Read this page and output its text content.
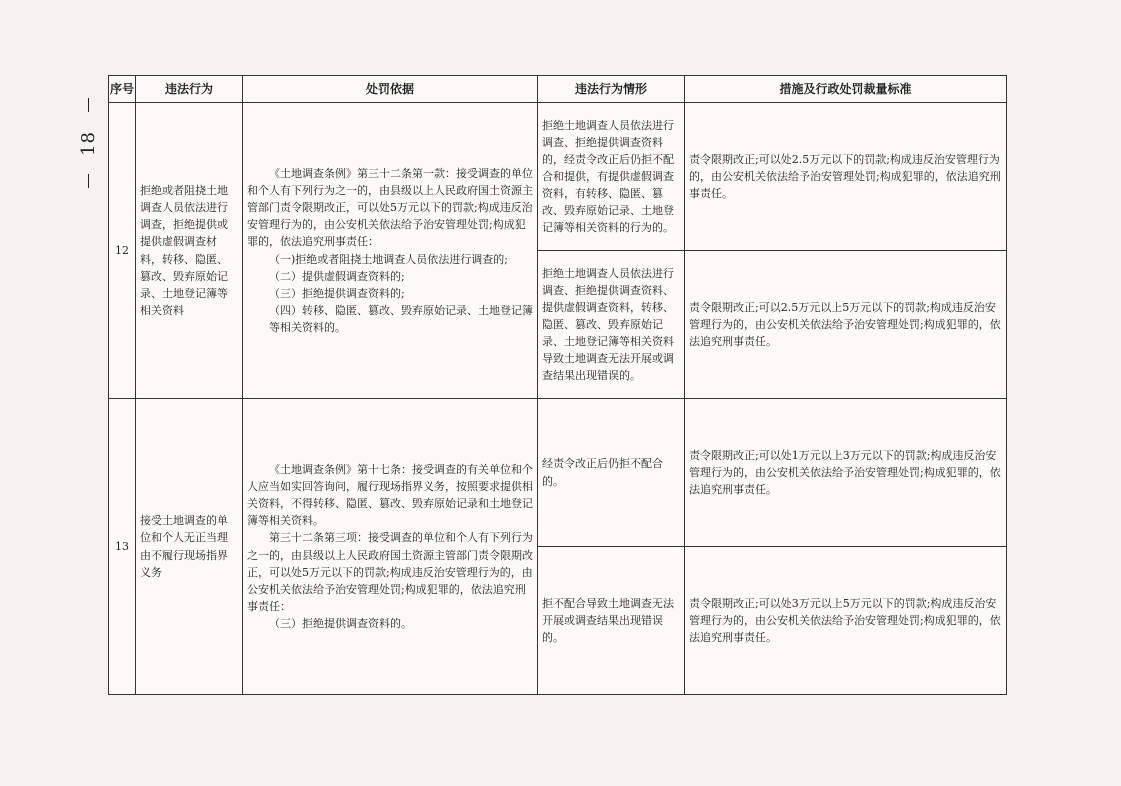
18
序号	违法行为	处罚依据	违法行为情形	措施及行政处罚裁量标准
12	拒绝或者阻挠土地调查人员依法进行调查，拒绝提供或提供虚假调查材料，转移、隐匿、篡改、毁弃原始记录、土地登记簿等相关资料	《土地调查条例》第三十二条第一款：接受调查的单位和个人有下列行为之一的，由县级以上人民政府国土资源主管部门责令限期改正，可以处5万元以下的罚款;构成违反治安管理行为的，由公安机关依法给予治安管理处罚;构成犯罪的，依法追究刑事责任：

（一)拒绝或者阻挠土地调查人员依法进行调查的;

（二）提供虚假调查资料的;

（三）拒绝提供调查资料的;

（四）转移、隐匿、篡改、毁弃原始记录、土地登记簿等相关资料的。	拒绝土地调查人员依法进行调查、拒绝提供调查资料的，经责令改正后仍拒不配合和提供，有提供虚假调查资料，有转移、隐匿、篡改、毁弃原始记录、土地登记簿等相关资料的行为的。	责令限期改正;可以处2.5万元以下的罚款;构成违反治安管理行为的，由公安机关依法给予治安管理处罚;构成犯罪的，依法追究刑事责任。
			拒绝土地调查人员依法进行调查、拒绝提供调查资料、提供虚假调查资料，转移、隐匿、篡改、毁弃原始记录、土地登记簿等相关资料导致土地调查无法开展或调查结果出现错误的。	责令限期改正;可以2.5万元以上5万元以下的罚款;构成违反治安管理行为的，由公安机关依法给予治安管理处罚;构成犯罪的，依法追究刑事责任。
13	接受土地调查的单位和个人无正当理由不履行现场指界义务	《土地调查条例》第十七条：接受调查的有关单位和个人应当如实回答询问，履行现场指界义务，按照要求提供相关资料，不得转移、隐匿、篡改、毁弃原始记录和土地登记簿等相关资料。

第三十二条第三项：接受调查的单位和个人有下列行为之一的，由县级以上人民政府国土资源主管部门责令限期改正，可以处5万元以下的罚款;构成违反治安管理行为的，由公安机关依法给予治安管理处罚;构成犯罪的，依法追究刑事责任：

（三）拒绝提供调查资料的。	经责令改正后仍拒不配合的。	责令限期改正;可以处1万元以上3万元以下的罚款;构成违反治安管理行为的，由公安机关依法给予治安管理处罚;构成犯罪的，依法追究刑事责任。
			拒不配合导致土地调查无法开展或调查结果出现错误的。	责令限期改正;可以处3万元以上5万元以下的罚款;构成违反治安管理行为的，由公安机关依法给予治安管理处罚;构成犯罪的，依法追究刑事责任。
